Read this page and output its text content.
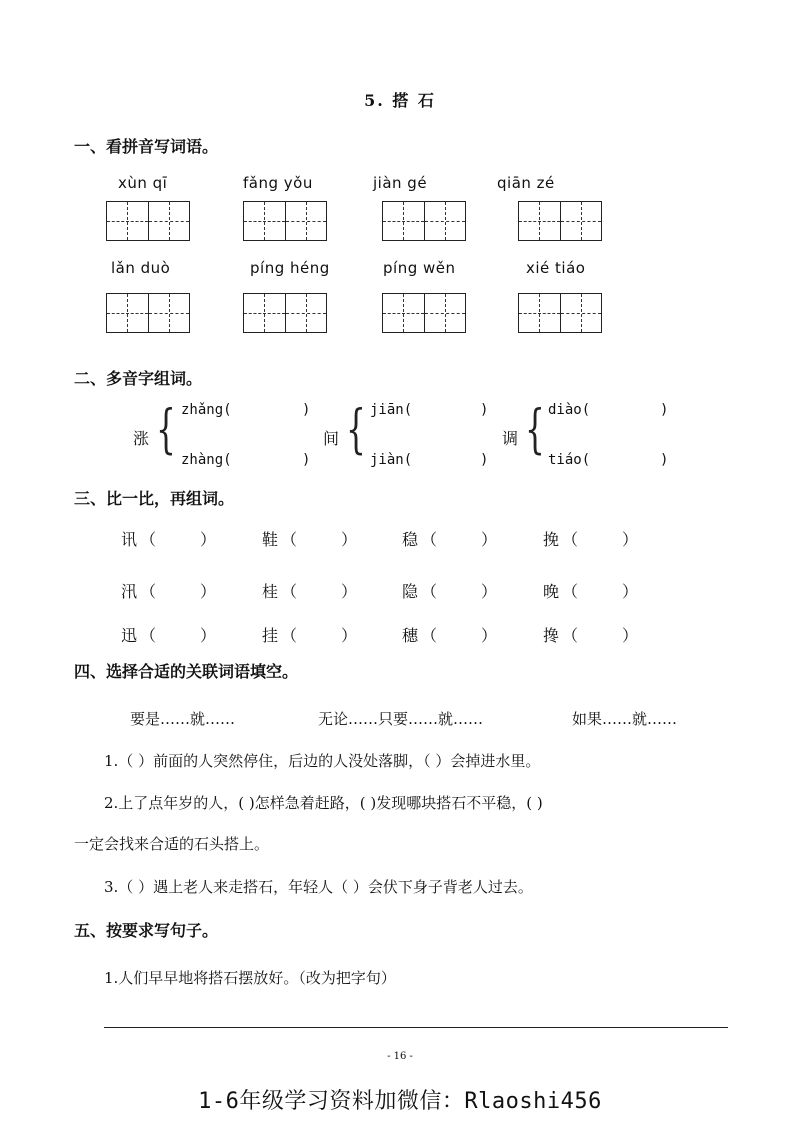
5. 搭 石
一、看拼音写词语。
xùn qī	fǎng yǒu	jiàn gé	qiān zé
lǎn duò	píng héng	píng wěn	xié tiáo
二、多音字组词。
涨 { zhǎng(	)
zhàng(	)
间 { jiān(	)
jiàn(	)
调 { diào(	)
tiáo(	)
三、比一比，再组词。
讯 （	）	鞋 （	）	稳 （	）	挽 （	）
汛 （	）	桂 （	）	隐 （	）	晚 （	）
迅 （	）	挂 （	）	穗 （	）	搀 （	）
四、选择合适的关联词语填空。
要是……就……	无论……只要……就……	如果……就……
1.（ ）前面的人突然停住，后边的人没处落脚，（ ）会掉进水里。
2.上了点年岁的人，( )怎样急着赶路，( )发现哪块搭石不平稳，( )
一定会找来合适的石头搭上。
3.（ ）遇上老人来走搭石，年轻人（ ）会伏下身子背老人过去。
五、按要求写句子。
1.人们早早地将搭石摆放好。（改为把字句）
- 16 -
1-6年级学习资料加微信：Rlaoshi456
